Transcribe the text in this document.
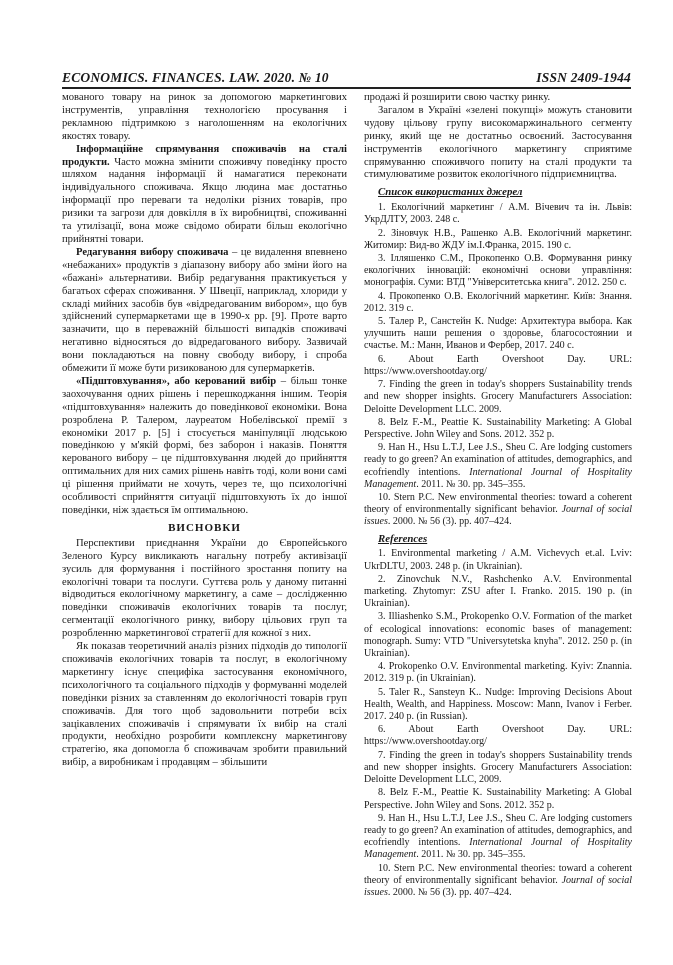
ECONOMICS. FINANCES. LAW. 2020. № 10	ISSN 2409-1944

мованого товару на ринок за допомогою маркетингових інструментів, управління технологією просування і рекламною підтримкою з наголошенням на екологічних якостях товару.

Інформаційне спрямування споживачів на сталі продукти. Часто можна змінити споживчу поведінку просто шляхом надання інформації й намагатися переконати індивідуального споживача. Якщо людина має достатньо інформації про переваги та недоліки різних товарів, про ризики та загрози для довкілля в їх виробництві, споживанні та утилізації, вона може свідомо обирати більш екологічно прийнятні товари.

Редагування вибору споживача – це видалення впевнено «небажаних» продуктів з діапазону вибору або зміни його на «бажані» альтернативи. Вибір редагування практикується у багатьох сферах споживання. У Швеції, наприклад, хлориди у складі мийних засобів був «відредагованим вибором», що був здійснений супермаркетами ще в 1990-х рр. [9]. Проте варто зазначити, що в переважній більшості випадків споживачі негативно відносяться до відредагованого вибору. Зазвичай вони покладаються на повну свободу вибору, і спроба обмежити її може бути ризикованою для супермаркетів.

«Підштовхування», або керований вибір – більш тонке заохочування одних рішень і перешкоджання іншим. Теорія «підштовхування» належить до поведінкової економіки. Вона розроблена Р. Талером, лауреатом Нобелівської премії з економіки 2017 р. [5] і стосується маніпуляції людською поведінкою у м'якій формі, без заборон і наказів. Поняття керованого вибору – це підштовхування людей до прийняття оптимальних для них самих рішень навіть тоді, коли вони самі ці рішення приймати не хочуть, через те, що психологічні особливості сприйняття ситуації підштовхують їх до іншої поведінки, ніж здається їм оптимальною.

ВИСНОВКИ

Перспективи приєднання України до Європейського Зеленого Курсу викликають нагальну потребу активізації зусиль для формування і постійного зростання попиту на екологічні товари та послуги. Суттєва роль у даному питанні відводиться екологічному маркетингу, а саме – дослідженню поведінки споживачів екологічних товарів та послуг, сегментації екологічного ринку, вибору цільових груп та розробленню маркетингової стратегії для кожної з них.

Як показав теоретичний аналіз різних підходів до типології споживачів екологічних товарів та послуг, в екологічному маркетингу існує специфіка застосування економічного, психологічного та соціального підходів у формуванні моделей поведінки різних за ставленням до екологічності товарів груп споживачів. Для того щоб задовольнити потреби всіх зацікавлених споживачів і спрямувати їх вибір на сталі продукти, необхідно розробити комплексну маркетингову стратегію, яка допомогла б споживачам зробити правильний вибір, а виробникам і продавцям – збільшити

продажі й розширити свою частку ринку.

Загалом в Україні «зелені покупці» можуть становити чудову цільову групу високомаржинального сегменту ринку, який ще не достатньо освоєний. Застосування інструментів екологічного маркетингу сприятиме спрямуванню споживчого попиту на сталі продукти та стимулюватиме розвиток екологічного підприємництва.

Список використаних джерел

1. Екологічний маркетинг / А.М. Вічевич та ін. Львів: УкрДЛТУ, 2003. 248 с.

2. Зіновчук Н.В., Рашенко А.В. Екологічний маркетинг. Житомир: Вид-во ЖДУ ім.І.Франка, 2015. 190 с.

3. Ілляшенко С.М., Прокопенко О.В. Формування ринку екологічних інновацій: економічні основи управління: монографія. Суми: ВТД "Університетська книга". 2012. 250 с.

4. Прокопенко О.В. Екологічний маркетинг. Київ: Знання. 2012. 319 с.

5. Талер Р., Санстейн К. Nudge: Архитектура выбора. Как улучшить наши решения о здоровье, благосостоянии и счастье. М.: Манн, Иванов и Фербер, 2017. 240 с.

6. About Earth Overshoot Day. URL: https://www.overshootday.org/

7. Finding the green in today's shoppers Sustainability trends and new shopper insights. Grocery Manufacturers Association: Deloitte Development LLC. 2009.

8. Belz F.-M., Peattie K. Sustainability Marketing: A Global Perspective. John Wiley and Sons. 2012. 352 p.

9. Han H., Hsu L.T.J, Lee J.S., Sheu C. Are lodging customers ready to go green? An examination of attitudes, demographics, and ecofriendly intentions. International Journal of Hospitality Management. 2011. № 30. pp. 345–355.

10. Stern P.C. New environmental theories: toward a coherent theory of environmentally significant behavior. Journal of social issues. 2000. № 56 (3). pp. 407–424.

References

1. Environmental marketing / A.M. Vichevych et.al. Lviv: UkrDLTU, 2003. 248 p. (in Ukrainian).

2. Zinovchuk N.V., Rashchenko A.V. Environmental marketing. Zhytomyr: ZSU after I. Franko. 2015. 190 p. (in Ukrainian).

3. Illiashenko S.M., Prokopenko O.V. Formation of the market of ecological innovations: economic bases of management: monograph. Sumy: VTD "Universytetska knyha". 2012. 250 p. (in Ukrainian).

4. Prokopenko O.V. Environmental marketing. Kyiv: Znannia. 2012. 319 p. (in Ukrainian).

5. Taler R., Sansteyn K.. Nudge: Improving Decisions About Health, Wealth, and Happiness. Moscow: Mann, Ivanov i Ferber. 2017. 240 p. (in Russian).

6. About Earth Overshoot Day. URL: https://www.overshootday.org/

7. Finding the green in today's shoppers Sustainability trends and new shopper insights. Grocery Manufacturers Association: Deloitte Development LLC, 2009.

8. Belz F.-M., Peattie K. Sustainability Marketing: A Global Perspective. John Wiley and Sons. 2012. 352 p.

9. Han H., Hsu L.T.J, Lee J.S., Sheu C. Are lodging customers ready to go green? An examination of attitudes, demographics, and ecofriendly intentions. International Journal of Hospitality Management. 2011. № 30. pp. 345–355.

10. Stern P.C. New environmental theories: toward a coherent theory of environmentally significant behavior. Journal of social issues. 2000. № 56 (3). pp. 407–424.
